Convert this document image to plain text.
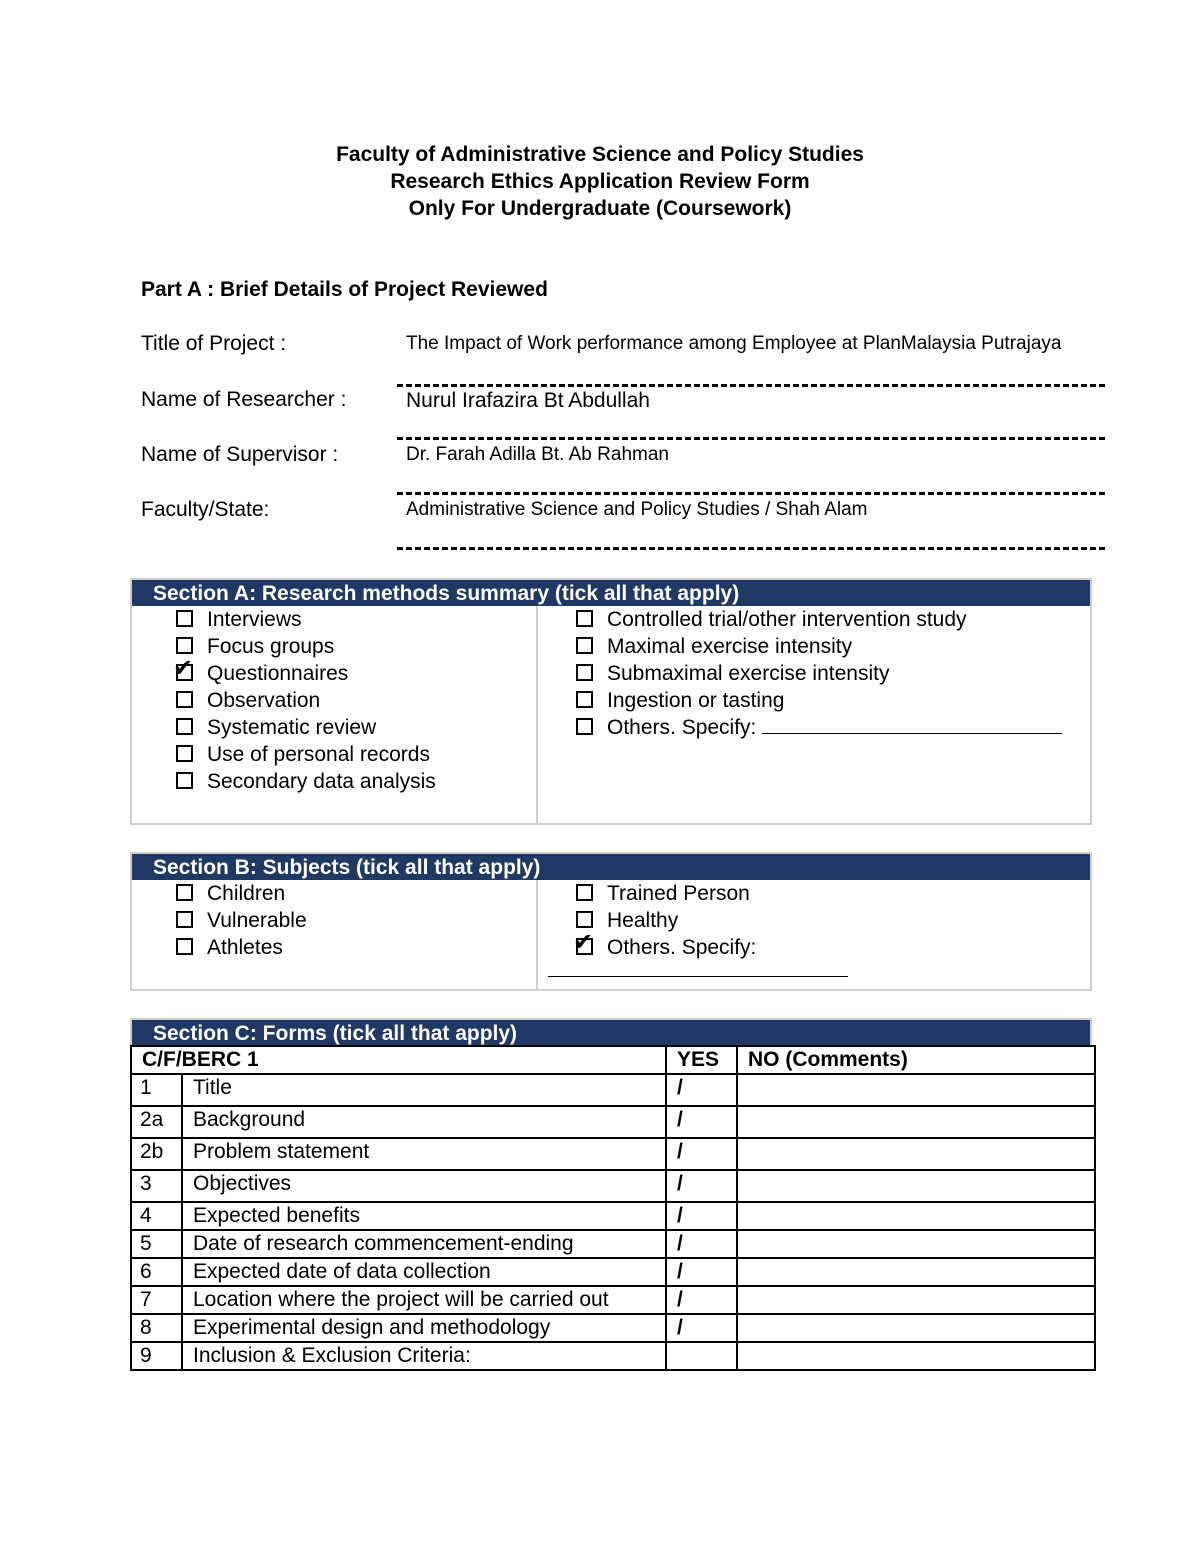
Faculty of Administrative Science and Policy Studies
Research Ethics Application Review Form
Only For Undergraduate (Coursework)
Part A : Brief Details of Project Reviewed
Title of Project :	The Impact of Work performance among Employee at PlanMalaysia Putrajaya
Name of Researcher :	Nurul Irafazira Bt Abdullah
Name of Supervisor :	Dr. Farah Adilla Bt. Ab Rahman
Faculty/State:	Administrative Science and Policy Studies / Shah Alam
Section A: Research methods summary (tick all that apply)
Interviews
Focus groups
✔ Questionnaires
Observation
Systematic review
Use of personal records
Secondary data analysis
Controlled trial/other intervention study
Maximal exercise intensity
Submaximal exercise intensity
Ingestion or tasting
Others. Specify:
Section B: Subjects (tick all that apply)
Children
Vulnerable
Athletes
Trained Person
Healthy
✔ Others. Specify:
Section C: Forms (tick all that apply)
C/F/BERC 1		YES	NO (Comments)
1	Title	/	
2a	Background	/	
2b	Problem statement	/	
3	Objectives	/	
4	Expected benefits	/	
5	Date of research commencement-ending	/	
6	Expected date of data collection	/	
7	Location where the project will be carried out	/	
8	Experimental design and methodology	/	
9	Inclusion & Exclusion Criteria:		
